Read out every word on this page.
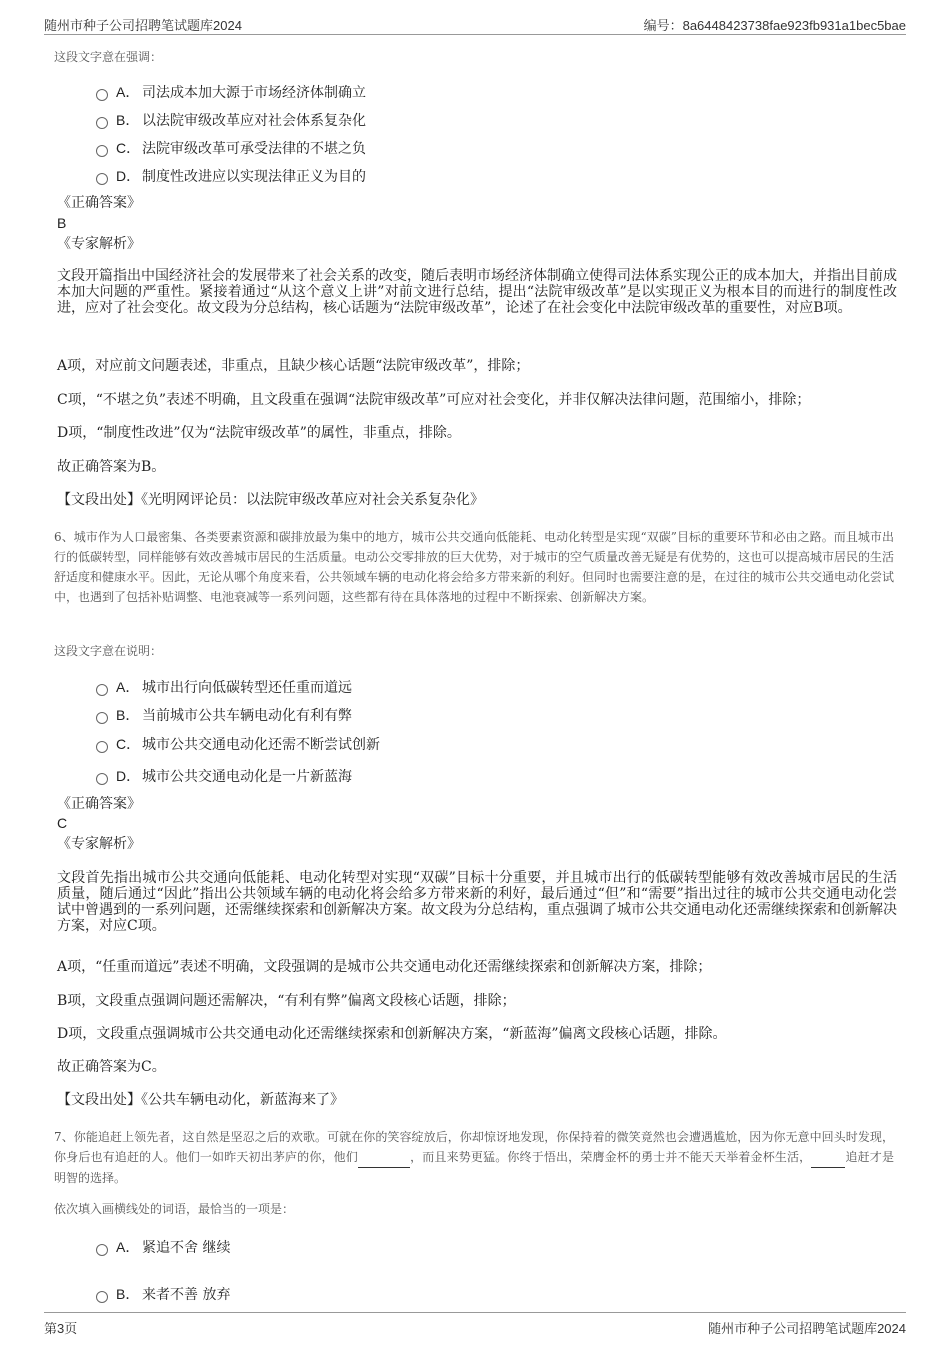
随州市种子公司招聘笔试题库2024	编号：8a6448423738fae923fb931a1bec5bae
这段文字意在强调：
A． 司法成本加大源于市场经济体制确立
B． 以法院审级改革应对社会体系复杂化
C． 法院审级改革可承受法律的不堪之负
D． 制度性改进应以实现法律正义为目的
《正确答案》
B
《专家解析》
文段开篇指出中国经济社会的发展带来了社会关系的改变，随后表明市场经济体制确立使得司法体系实现公正的成本加大，并指出目前成本加大问题的严重性。紧接着通过“从这个意义上讲”对前文进行总结，提出“法院审级改革”是以实现正义为根本目的而进行的制度性改进，应对了社会变化。故文段为分总结构，核心话题为“法院审级改革”，论述了在社会变化中法院审级改革的重要性，对应B项。
A项，对应前文问题表述，非重点，且缺少核心话题“法院审级改革”，排除；
C项，“不堪之负”表述不明确，且文段重在强调“法院审级改革”可应对社会变化，并非仅解决法律问题，范围缩小，排除；
D项，“制度性改进”仅为“法院审级改革”的属性，非重点，排除。
故正确答案为B。
【文段出处】《光明网评论员：以法院审级改革应对社会关系复杂化》
6、城市作为人口最密集、各类要素资源和碳排放最为集中的地方，城市公共交通向低能耗、电动化转型是实现“双碳”目标的重要环节和必由之路。而且城市出行的低碳转型，同样能够有效改善城市居民的生活质量。电动公交零排放的巨大优势，对于城市的空气质量改善无疑是有优势的，这也可以提高城市居民的生活舒适度和健康水平。因此，无论从哪个角度来看，公共领域车辆的电动化将会给多方带来新的利好。但同时也需要注意的是，在过往的城市公共交通电动化尝试中，也遇到了包括补贴调整、电池衰减等一系列问题，这些都有待在具体落地的过程中不断探索、创新解决方案。
这段文字意在说明：
A． 城市出行向低碳转型还任重而道远
B． 当前城市公共车辆电动化有利有弊
C． 城市公共交通电动化还需不断尝试创新
D． 城市公共交通电动化是一片新蓝海
《正确答案》
C
《专家解析》
文段首先指出城市公共交通向低能耗、电动化转型对实现“双碳”目标十分重要，并且城市出行的低碳转型能够有效改善城市居民的生活质量，随后通过“因此”指出公共领域车辆的电动化将会给多方带来新的利好，最后通过“但”和“需要”指出过往的城市公共交通电动化尝试中曾遇到的一系列问题，还需继续探索和创新解决方案。故文段为分总结构，重点强调了城市公共交通电动化还需继续探索和创新解决方案，对应C项。
A项，“任重而道远”表述不明确，文段强调的是城市公共交通电动化还需继续探索和创新解决方案，排除；
B项，文段重点强调问题还需解决，“有利有弊”偏离文段核心话题，排除；
D项，文段重点强调城市公共交通电动化还需继续探索和创新解决方案，“新蓝海”偏离文段核心话题，排除。
故正确答案为C。
【文段出处】《公共车辆电动化，新蓝海来了》
7、你能追赶上领先者，这自然是坚忍之后的欢歌。可就在你的笑容绽放后，你却惊讶地发现，你保持着的微笑竟然也会遭遇尴尬，因为你无意中回头时发现，你身后也有追赶的人。他们一如昨天初出茅庐的你，他们	，而且来势更猛。你终于悟出，荣膺金杯的勇士并不能天天举着金杯生活，	追赶才是明智的选择。
依次填入画横线处的词语，最恰当的一项是：
A． 紧追不舍 继续
B． 来者不善 放弃
第3页	随州市种子公司招聘笔试题库2024
